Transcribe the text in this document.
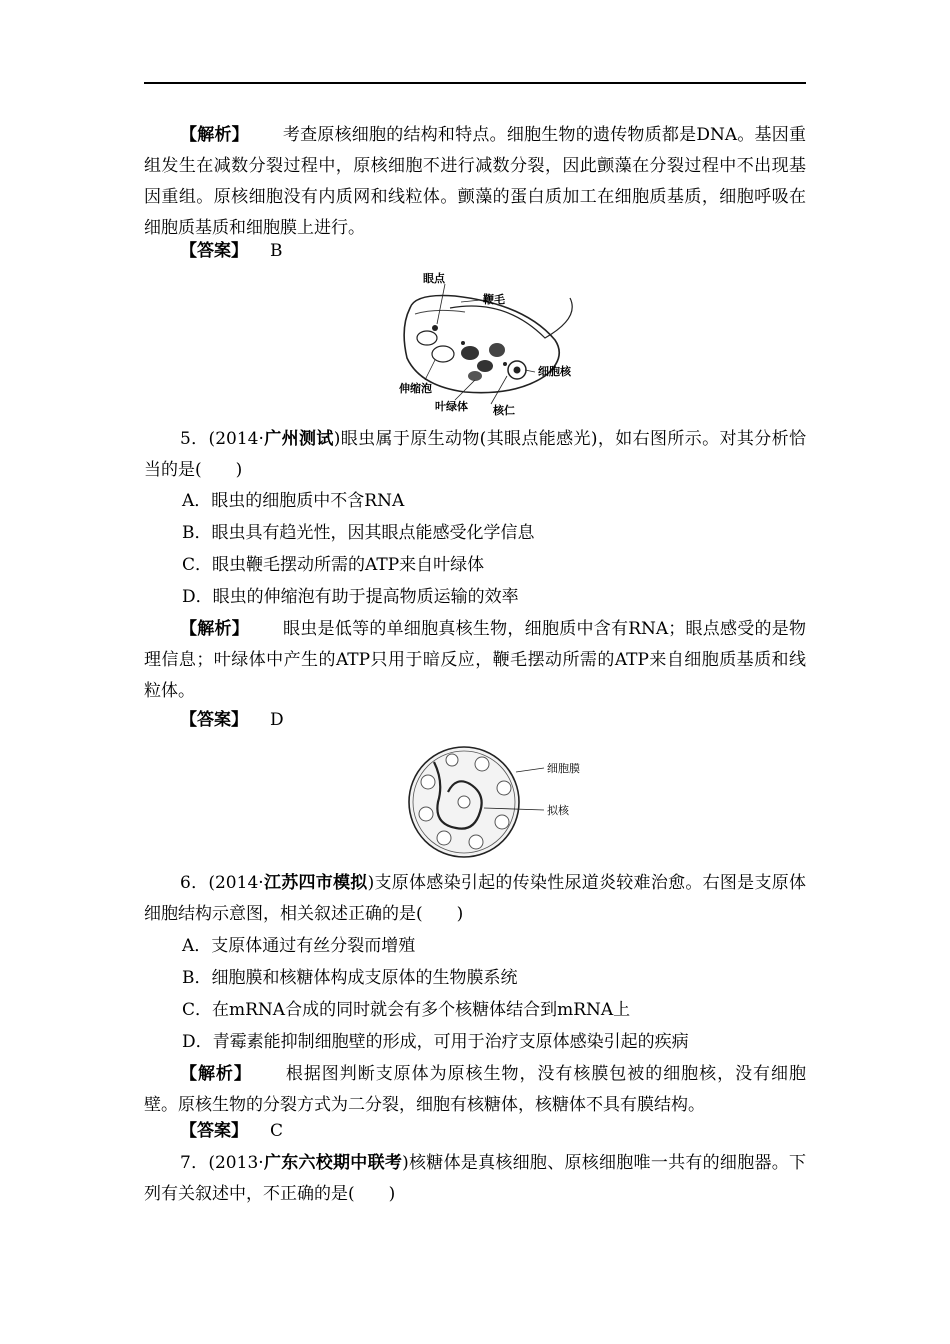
【解析】 考查原核细胞的结构和特点。细胞生物的遗传物质都是DNA。基因重组发生在减数分裂过程中，原核细胞不进行减数分裂，因此颤藻在分裂过程中不出现基因重组。原核细胞没有内质网和线粒体。颤藻的蛋白质加工在细胞质基质，细胞呼吸在细胞质基质和细胞膜上进行。

【答案】 B

眼点
鞭毛
细胞核
伸缩泡
叶绿体 核仁

5．(2014·广州测试)眼虫属于原生动物(其眼点能感光)，如右图所示。对其分析恰当的是(　　)

A．眼虫的细胞质中不含RNA
B．眼虫具有趋光性，因其眼点能感受化学信息
C．眼虫鞭毛摆动所需的ATP来自叶绿体
D．眼虫的伸缩泡有助于提高物质运输的效率

【解析】 眼虫是低等的单细胞真核生物，细胞质中含有RNA；眼点感受的是物理信息；叶绿体中产生的ATP只用于暗反应，鞭毛摆动所需的ATP来自细胞质基质和线粒体。

【答案】 D

细胞膜
拟核

6．(2014·江苏四市模拟)支原体感染引起的传染性尿道炎较难治愈。右图是支原体细胞结构示意图，相关叙述正确的是(　　)

A．支原体通过有丝分裂而增殖
B．细胞膜和核糖体构成支原体的生物膜系统
C．在mRNA合成的同时就会有多个核糖体结合到mRNA上
D．青霉素能抑制细胞壁的形成，可用于治疗支原体感染引起的疾病

【解析】 根据图判断支原体为原核生物，没有核膜包被的细胞核，没有细胞壁。原核生物的分裂方式为二分裂，细胞有核糖体，核糖体不具有膜结构。

【答案】 C

7．(2013·广东六校期中联考)核糖体是真核细胞、原核细胞唯一共有的细胞器。下列有关叙述中，不正确的是(　　)
